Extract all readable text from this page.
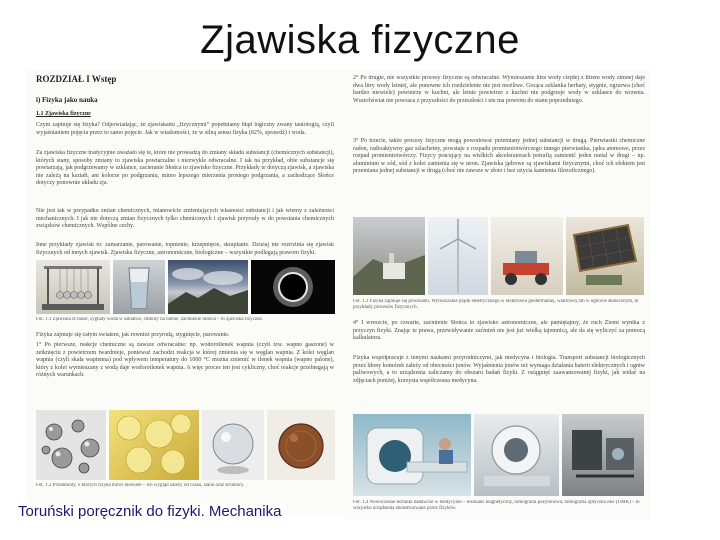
Zjawiska fizyczne
ROZDZIAŁ I Wstęp
i) Fizyka jako nauka
1.1 Zjawiska fizyczne
Czym zajmuje się fizyka? Odpowiadając, że zjawiskami „fizycznymi” popełniamy błąd logiczny zwany tautologią, czyli wyjaśnianiem pojęcia przez to samo pojęcie. Jak w wiadomości, że w silną sensu fizyka (82%, sprawdź) i woda.
Za zjawiska fizyczne tradycyjnie uważało się te, które nie prowadzą do zmiany składu substancji (chemicznych substancji), których stany, sposoby zmiany to zjawiska powtarzalne i niezwykle odwracalne. I tak na przykład, obie substancje się powtarzają, jak podgrzewamy w szklance, zacieranie Słońca to zjawisko fizyczne. Przykłady te dotyczą zjawisk, a zjawiska nie zależą na kształt, ani kolorze po podgrzaniu, mimo lepszego mierzenia prostego podgrzania, a zachodzące Słońce dotyczy ponownie układu zja.
Nie jest tak w przypadku zmian chemicznych, mianowicie zmieniających własności substancji i jak wiemy z zależności mechanicznych. I jak nie dotyczą zmian fizycznych tylko chemicznych i zjawisk przyrody w do powstania chemicznych związków chemicznych. Wspólne cechy.
Inne przykłady zjawisk to: zamarzanie, parowanie, topnienie, krzepnięcie, skraplanie. Dzisiaj nie rozróżnia się zjawisk fizycznych od innych zjawisk. Zjawiska fizyczne, astronomiczne, biologiczne – wszystkie podlegają prawom fizyki.
Fot. 1.1 Zjawiska te także, sygnały woda w szklance, chmury na niebie, zaćmienie Słońca – to zjawiska fizyczne.
Fizyka zajmuje się całym światem, jak również przyrodą, stygnięcie, parowanie.
1° Po pierwsze, reakcje chemiczne są zawsze odwracalne: np. wodorotlenek wapnia (czyli tzw. wapno gaszone) w zetknięciu z powietrzem twardnieje, ponieważ zachodzi reakcja w której zmienia się w węglan wapnia. Z kolei węglan wapnia (czyli skała wapienna) pod wpływem temperatury do 1000 °C można zmienić w tlenek wapnia (wapno palone), który z kolei wymieszany z wodą daje wodorotlenek wapnia. A więc proces ten jest cykliczny, choć reakcje przebiegają w różnych warunkach.
Fot. 1.2 Przedmioty, o których fizyka mówi niewiele – ich wygląd zależy od czasu, stanu oraz struktury.
2° Po drugie, nie wszystkie procesy fizyczne są odwracalne. Wymieszanie litra wody ciepłej z litrem wody zimnej daje dwa litry wody letniej, ale ponowne ich rozdzielenie nie jest możliwe. Gorąca szklanka herbaty, stygnie, ogrzewa (choć bardzo niewiele) powietrze w kuchni, ale letnie powietrze z kuchni nie podgrzeje wody w szklance do wrzenia. Wszechświat nie powraca z przyszłości do przeszłości i nie ma powrotu do stanu poprzedniego.
3° Po trzecie, także procesy fizyczne mogą powodować przemiany jednej substancji w drugą. Pierwiastki chemiczne radon, radioaktywny gaz szlachetny, powstaje z rozpadu promieniotwórczego innego pierwiastka, jądra atomowe, przez rozpad promieniotwórczy. Fizycy pracujący na wielkich akceleratorach potrafią zamienić jeden metal w drugi – np. aluminium w sód, sód z kolei zamienia się w neon. Zjawiska jądrowe są zjawiskami fizycznymi, choć ich efektem jest przemiana jednej substancji w drugą (choć nie zawsze w złoto i bez użycia kamienia filozoficznego).
Fot. 1.3 Fizyka zajmuje się procesami. Wytwarzanie prądu elektrycznego w elektrowni geotermalnej, wiatrowej lub w ogniwie słonecznym, to przykłady procesów fizycznych.
4° I wreszcie, po czwarte, zaćmienie Słońca to zjawisko astronomiczne, ale pamiętajmy, że ruch Ziemi wynika z przyczyn fizyki. Znając te prawa, przewidywanie zaćmień nie jest już wielką tajemnicą, ale da się wyliczyć za pomocą kalkulatora.
Fizyka współpracuje z innymi naukami przyrodniczymi, jak medycyna i biologia. Transport substancji biologicznych przez błony komórek zależy od obecności jonów. Wyjaśnienia jonów też wymaga działania baterii elektrycznych i ogniw paliwowych, a to urządzenia zaliczamy do obszaru badań fizyki. Z osiągnięć zaawansowanej fizyki, jak widać na zdjęciach poniżej, korzysta współczesna medycyna.
Fot. 1.4 Nowoczesne techniki badawcze w medycynie – rezonans magnetyczny, tomografia pozytonowa, tomografia optyczna oko (UMK) – to wszystko urządzenia skonstruowane przez fizyków.
Toruński poręcznik do fizyki. Mechanika
